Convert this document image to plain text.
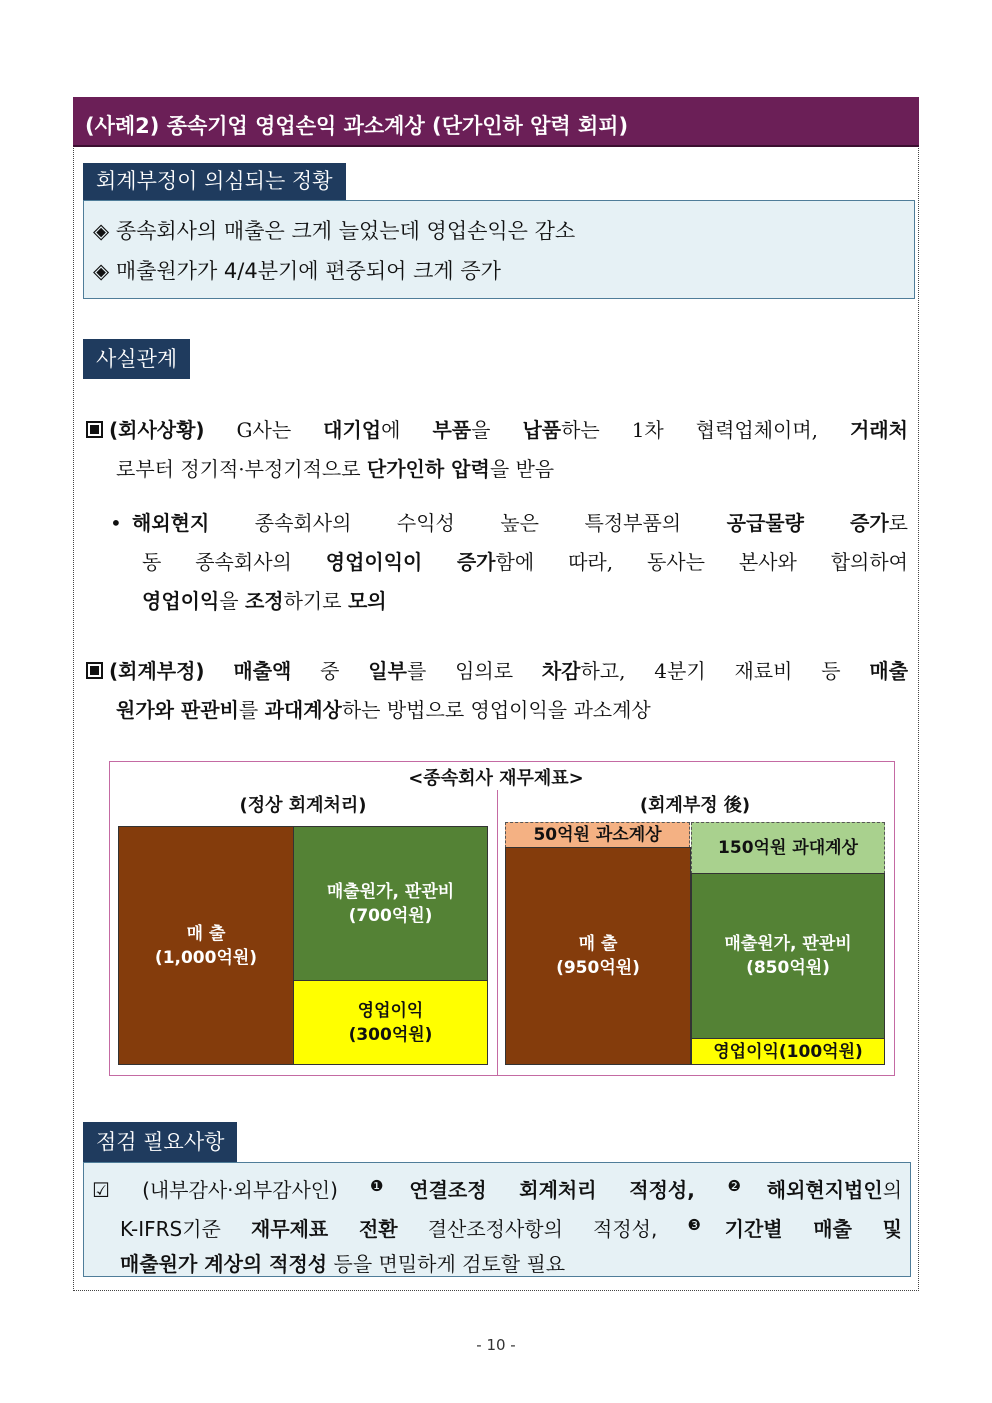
(사례2) 종속기업 영업손익 과소계상 (단가인하 압력 회피)
회계부정이 의심되는 정황
◈ 종속회사의 매출은 크게 늘었는데 영업손익은 감소
◈ 매출원가가 4/4분기에 편중되어 크게 증가
사실관계
(회사상황) G사는 대기업에 부품을 납품하는 1차 협력업체이며, 거래처
로부터 정기적·부정기적으로 단가인하 압력을 받음
• 해외현지 종속회사의 수익성 높은 특정부품의 공급물량 증가로
동 종속회사의 영업이익이 증가함에 따라, 동사는 본사와 합의하여
영업이익을 조정하기로 모의
(회계부정) 매출액 중 일부를 임의로 차감하고, 4분기 재료비 등 매출
원가와 판관비를 과대계상하는 방법으로 영업이익을 과소계상
<종속회사 재무제표>
(정상 회계처리)	(회계부정 後)
매 출
(1,000억원)
매출원가, 판관비
(700억원)
영업이익
(300억원)
50억원 과소계상
매 출
(950억원)
150억원 과대계상
매출원가, 판관비
(850억원)
영업이익(100억원)
점검 필요사항
☑ (내부감사·외부감사인) $^❶$연결조정 회계처리 적정성, $^❷$해외현지법인의
K-IFRS기준 재무제표 전환 결산조정사항의 적정성, $^❸$기간별 매출 및
매출원가 계상의 적정성 등을 면밀하게 검토할 필요
- 10 -
